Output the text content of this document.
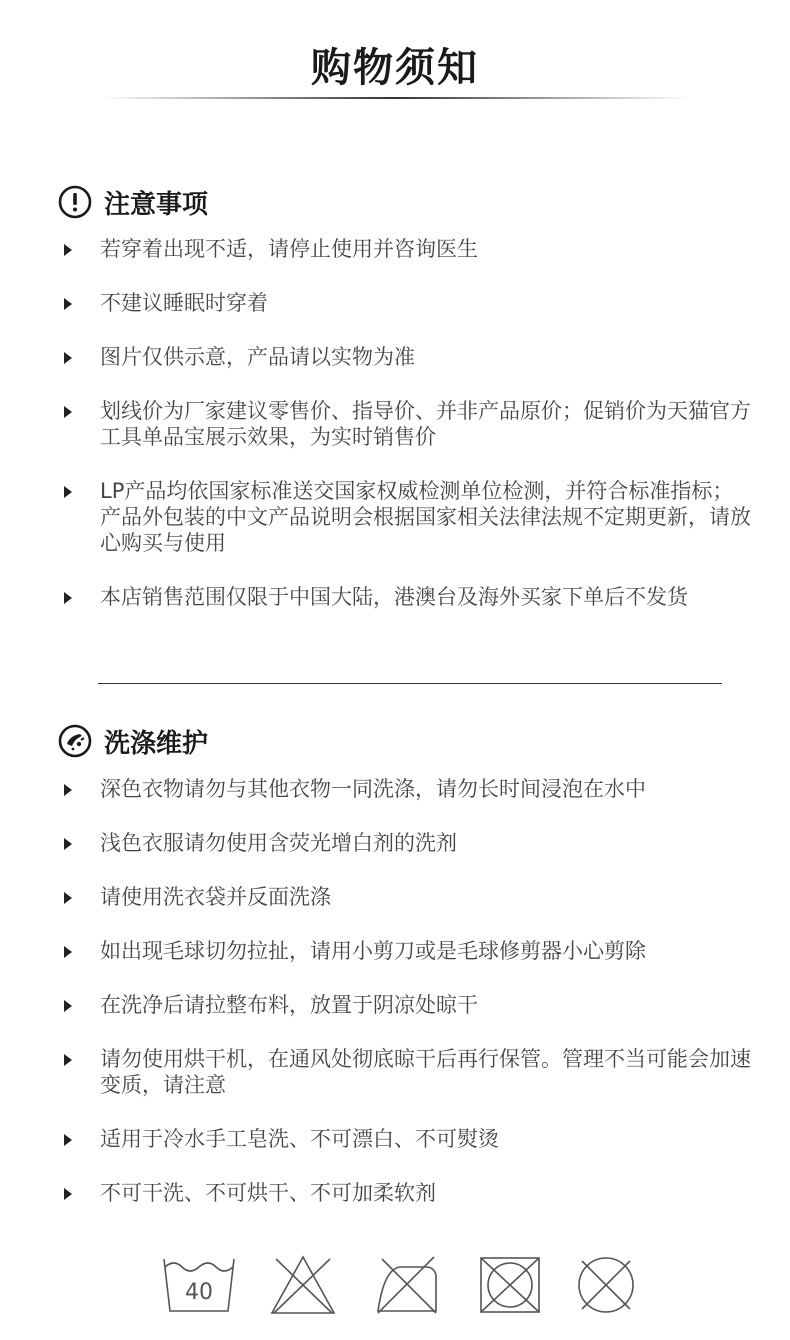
购物须知
注意事项
若穿着出现不适，请停止使用并咨询医生
不建议睡眠时穿着
图片仅供示意，产品请以实物为准
划线价为厂家建议零售价、指导价、并非产品原价；促销价为天猫官方工具单品宝展示效果，为实时销售价
LP产品均依国家标准送交国家权威检测单位检测，并符合标准指标；产品外包装的中文产品说明会根据国家相关法律法规不定期更新，请放心购买与使用
本店销售范围仅限于中国大陆，港澳台及海外买家下单后不发货
洗涤维护
深色衣物请勿与其他衣物一同洗涤，请勿长时间浸泡在水中
浅色衣服请勿使用含荧光增白剂的洗剂
请使用洗衣袋并反面洗涤
如出现毛球切勿拉扯，请用小剪刀或是毛球修剪器小心剪除
在洗净后请拉整布料，放置于阴凉处晾干
请勿使用烘干机，在通风处彻底晾干后再行保管。管理不当可能会加速变质，请注意
适用于冷水手工皂洗、不可漂白、不可熨烫
不可干洗、不可烘干、不可加柔软剂
40
